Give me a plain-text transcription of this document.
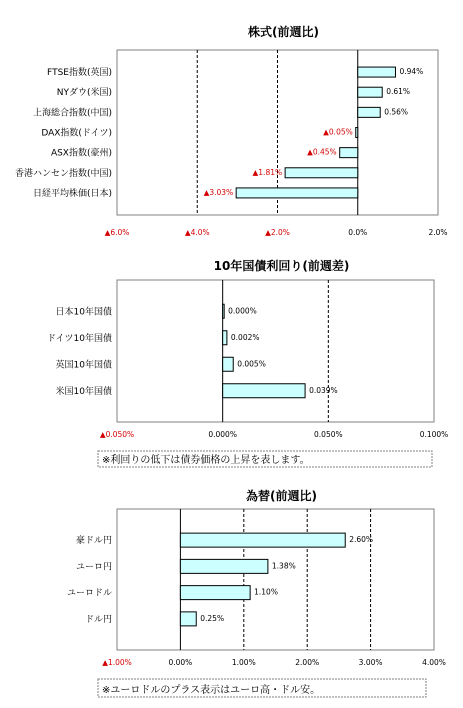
株式(前週比)
▲6.0%	▲4.0%	▲2.0%	0.0%	2.0%
FTSE指数(英国)	0.94%
NYダウ(米国)	0.61%
上海総合指数(中国)	0.56%
DAX指数(ドイツ)	▲0.05%
ASX指数(豪州)	▲0.45%
香港ハンセン指数(中国)	▲1.81%
日経平均株価(日本)	▲3.03%
10年国債利回り(前週差)
▲0.050%	0.000%	0.050%	0.100%
日本10年国債	0.000%
ドイツ10年国債	0.002%
英国10年国債	0.005%
米国10年国債	0.039%
※利回りの低下は債券価格の上昇を表します。
為替(前週比)
▲1.00%	0.00%	1.00%	2.00%	3.00%	4.00%
豪ドル円	2.60%
ユーロ円	1.38%
ユーロドル	1.10%
ドル円	0.25%
※ユーロドルのプラス表示はユーロ高・ドル安。
